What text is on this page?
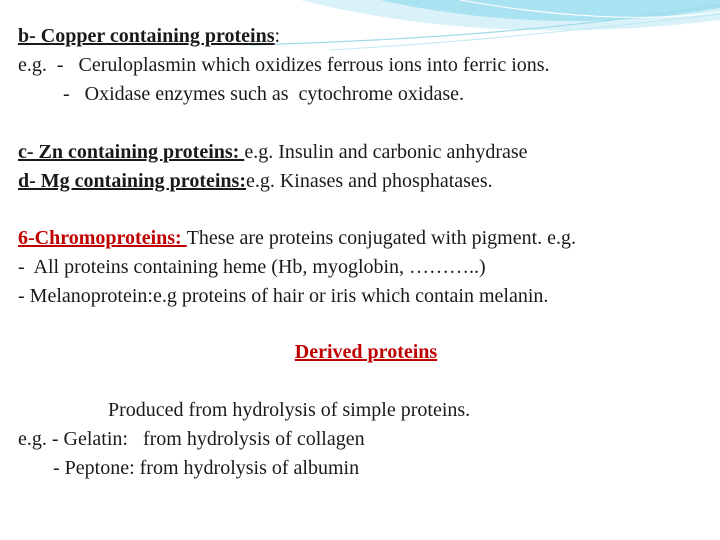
b- Copper containing proteins:
e.g.  -   Ceruloplasmin which oxidizes ferrous ions into ferric ions.
-   Oxidase enzymes such as  cytochrome oxidase.
c- Zn containing proteins: e.g. Insulin and carbonic anhydrase
d- Mg containing proteins:e.g. Kinases and phosphatases.
6-Chromoproteins: These are proteins conjugated with pigment. e.g.
-  All proteins containing heme (Hb, myoglobin, ………..)
- Melanoprotein:e.g proteins of hair or iris which contain melanin.
Derived proteins
Produced from hydrolysis of simple proteins.
e.g. - Gelatin:   from hydrolysis of collagen
- Peptone: from hydrolysis of albumin
